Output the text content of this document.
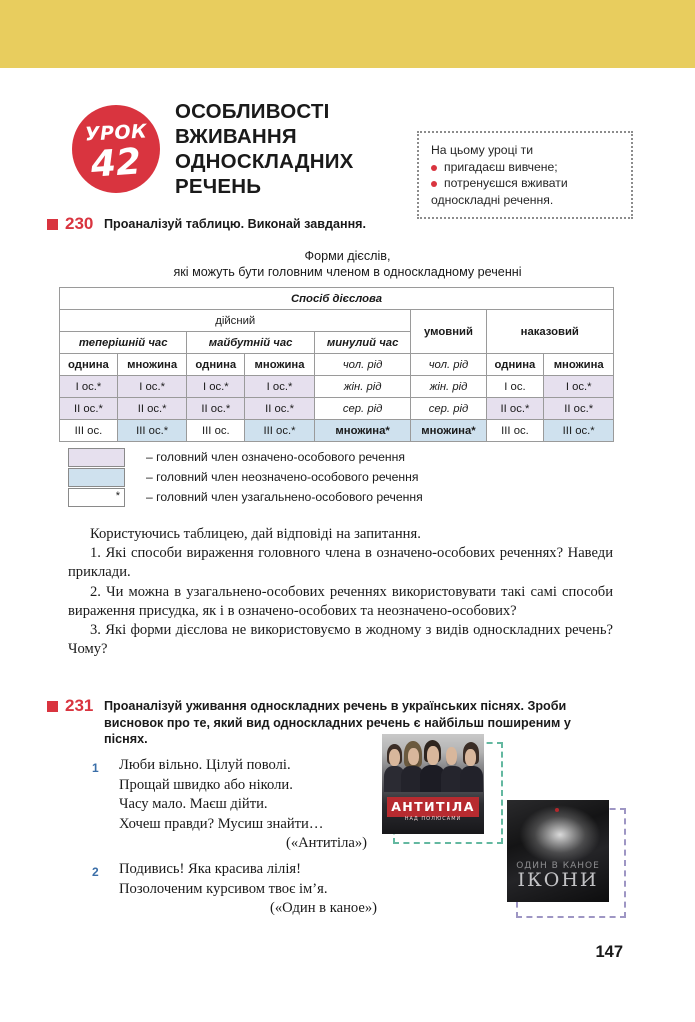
УРОК
42
ОСОБЛИВОСТІ ВЖИВАННЯ ОДНОСКЛАДНИХ РЕЧЕНЬ
На цьому уроці ти
пригадаєш вивчене;
потренуєшся вживати
односкладні речення.
230 Проаналізуй таблицю. Виконай завдання.
Форми дієслів,
які можуть бути головним членом в односкладному реченні
Спосіб дієслова							
дійсний					умовний	наказовий	
теперішній час		майбутній час		минулий час			
однина	множина	однина	множина	чол. рід	чол. рід	однина	множина
I ос.*	I ос.*	I ос.*	I ос.*	жін. рід	жін. рід	I ос.	I ос.*
II ос.*	II ос.*	II ос.*	II ос.*	сер. рід	сер. рід	II ос.*	II ос.*
III ос.	III ос.*	III ос.	III ос.*	множина*	множина*	III ос.	III ос.*
– головний член означено-особового речення
– головний член неозначено-особового речення
* – головний член узагальнено-особового речення

Користуючись таблицею, дай відповіді на запитання.

1. Які способи вираження головного члена в означено-особових реченнях? Наведи приклади.

2. Чи можна в узагальнено-особових реченнях використовувати такі самі способи вираження присудка, як і в означено-особових та неозначено-особових?

3. Які форми дієслова не використовуємо в жодному з видів односкладних речень? Чому?

231 Проаналізуй уживання односкладних речень в українських піснях. Зроби висновок про те, який вид односкладних речень є найбільш поширеним у піснях.
1 Люби вільно. Цілуй поволі.
Прощай швидко або ніколи.
Часу мало. Маєш дійти.
Хочеш правди? Мусиш знайти…
(«Антитіла»)
2 Подивись! Яка красива лілія!
Позолоченим курсивом твоє ім’я.
(«Один в каное»)
АНТИТІЛА
НАД ПОЛЮСАМИ
ОДИН В КАНОЕ
ІКОНИ
147
